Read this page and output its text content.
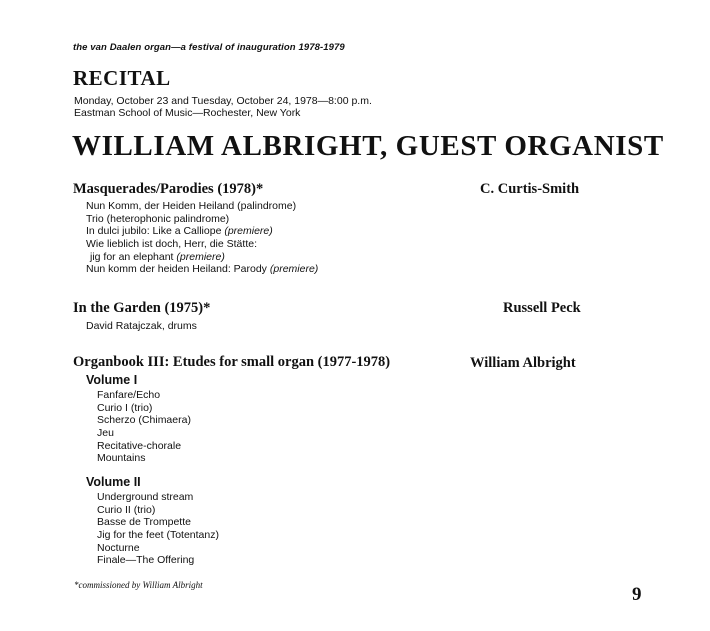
the van Daalen organ—a festival of inauguration 1978-1979
RECITAL
Monday, October 23 and Tuesday, October 24, 1978—8:00 p.m.
Eastman School of Music—Rochester, New York
WILLIAM ALBRIGHT, GUEST ORGANIST
Masquerades/Parodies (1978)*	C. Curtis-Smith
Nun Komm, der Heiden Heiland (palindrome)
Trio (heterophonic palindrome)
In dulci jubilo: Like a Calliope (premiere)
Wie lieblich ist doch, Herr, die Stätte:
jig for an elephant (premiere)
Nun komm der heiden Heiland: Parody (premiere)
In the Garden (1975)*	Russell Peck
David Ratajczak, drums
Organbook III: Etudes for small organ (1977-1978)	William Albright
Volume I
Fanfare/Echo
Curio I (trio)
Scherzo (Chimaera)
Jeu
Recitative-chorale
Mountains
Volume II
Underground stream
Curio II (trio)
Basse de Trompette
Jig for the feet (Totentanz)
Nocturne
Finale—The Offering
*commissioned by William Albright	9
